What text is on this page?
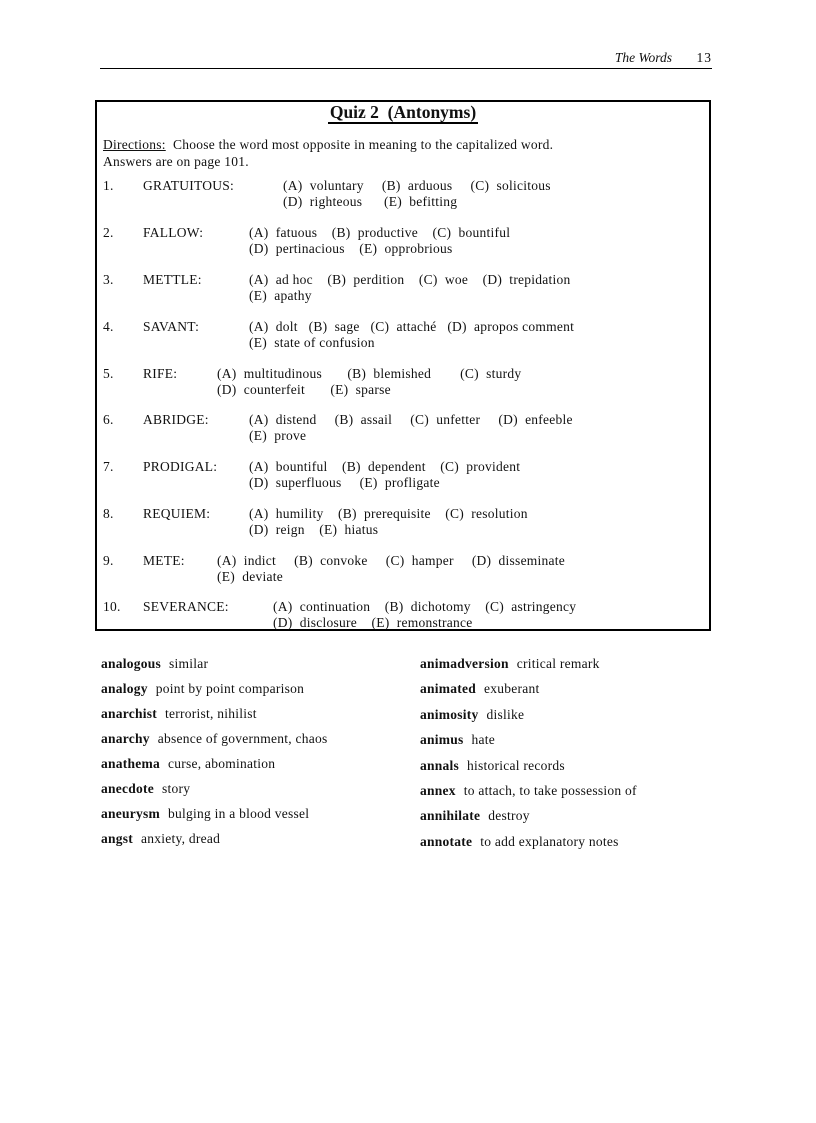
The Words 13
Quiz 2  (Antonyms)
Directions: Choose the word most opposite in meaning to the capitalized word.
Answers are on page 101.
1. GRATUITOUS:	(A)  voluntary     (B)  arduous     (C)  solicitous
(D)  righteous      (E)  befitting
2. FALLOW:	(A)  fatuous    (B)  productive    (C)  bountiful
(D)  pertinacious    (E)  opprobrious
3. METTLE:	(A)  ad hoc    (B)  perdition    (C)  woe    (D)  trepidation
(E)  apathy
4. SAVANT:	(A)  dolt   (B)  sage   (C)  attaché   (D)  apropos comment
(E)  state of confusion
5. RIFE:	(A)  multitudinous       (B)  blemished        (C)  sturdy
(D)  counterfeit       (E)  sparse
6. ABRIDGE:	(A)  distend     (B)  assail     (C)  unfetter     (D)  enfeeble
(E)  prove
7. PRODIGAL: (A)  bountiful    (B)  dependent    (C)  provident
(D)  superfluous     (E)  profligate
8. REQUIEM:	(A)  humility    (B)  prerequisite    (C)  resolution
(D)  reign    (E)  hiatus
9. METE: (A)  indict     (B)  convoke     (C)  hamper     (D)  disseminate
(E)  deviate
10. SEVERANCE:	(A)  continuation    (B)  dichotomy    (C)  astringency
(D)  disclosure    (E)  remonstrance
analogous similar
analogy point by point comparison
anarchist terrorist, nihilist
anarchy absence of government, chaos
anathema curse, abomination
anecdote story
aneurysm bulging in a blood vessel
angst anxiety, dread
animadversion critical remark
animated exuberant
animosity dislike
animus hate
annals historical records
annex to attach, to take possession of
annihilate destroy
annotate to add explanatory notes
